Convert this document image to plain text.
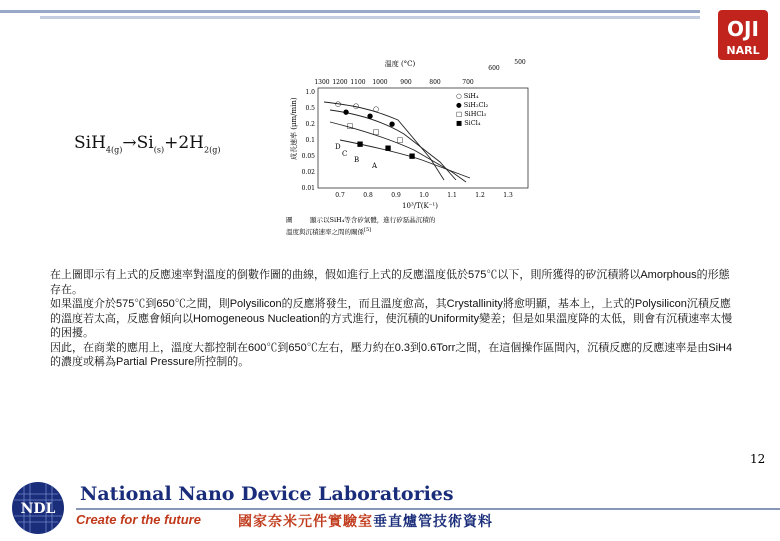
OJI
NARL
$SiH_{4(g)}\to Si_{(s)}+2H_{2(g)}$
溫度 (°C)
1300 1200 1100 1000 900	800	700
600
500
成長速率 (μm/min)
1.0
0.5
0.2
0.1
0.05
0.02
0.01
0.7	0.8	0.9	1.0	1.1	1.2	1.3
10³/T(K⁻¹)
○ ○ ○
●	●
●
□
□
□
■	■
■
D
C
B
A
○ SiH₄
● SiH₂Cl₂
□ SiHCl₃
■ SiCl₄
圖	顯示以SiH₄等含矽氣體，進行矽磊晶沉積的
溫度與沉積速率之間的關係[5]

在上圖即示有上式的反應速率對溫度的倒數作圖的曲線，假如進行上式的反應溫度低於575℃以下，則所獲得的矽沉積將以Amorphous的形態存在。

如果溫度介於575℃到650℃之間，則Polysilicon的反應將發生，而且溫度愈高，其Crystallinity將愈明顯，基本上，上式的Polysilicon沉積反應的溫度若太高，反應會傾向以Homogeneous Nucleation的方式進行，使沉積的Uniformity變差；但是如果溫度降的太低，則會有沉積速率太慢的困擾。

因此，在商業的應用上，溫度大都控制在600℃到650℃左右，壓力約在0.3到0.6Torr之間，在這個操作區間內，沉積反應的反應速率是由SiH4 的濃度或稱為Partial Pressure所控制的。

12
NDL
National Nano Device Laboratories
Create for the future	國家奈米元件實驗室垂直爐管技術資料
